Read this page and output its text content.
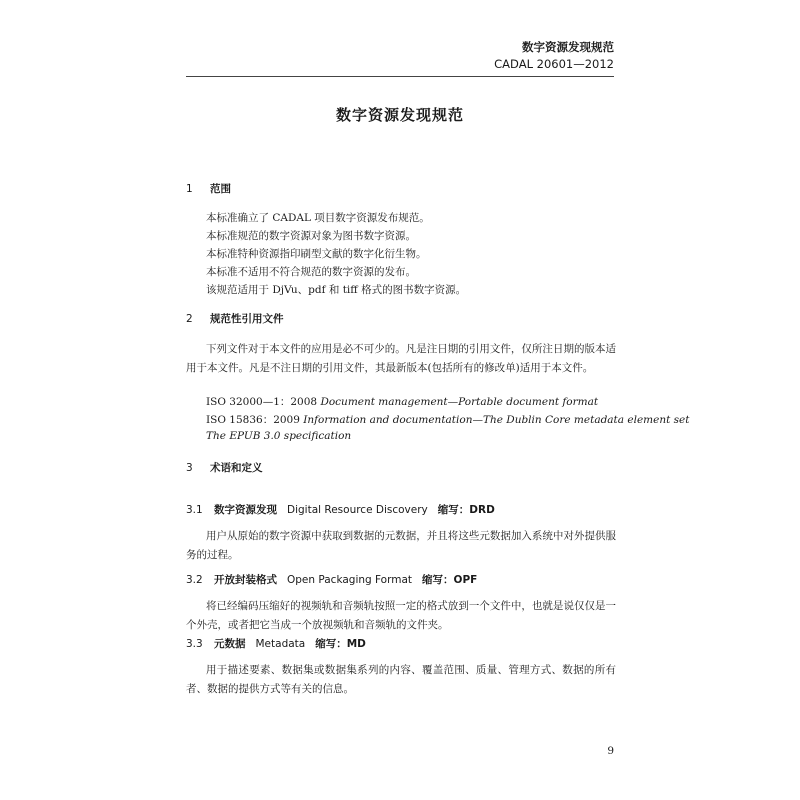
数字资源发现规范
CADAL 20601—2012
数字资源发现规范
1 范围
本标准确立了 CADAL 项目数字资源发布规范。
本标准规范的数字资源对象为图书数字资源。
本标准特种资源指印刷型文献的数字化衍生物。
本标准不适用不符合规范的数字资源的发布。
该规范适用于 DjVu、pdf 和 tiff 格式的图书数字资源。
2 规范性引用文件
下列文件对于本文件的应用是必不可少的。凡是注日期的引用文件，仅所注日期的版本适用于本文件。凡是不注日期的引用文件，其最新版本(包括所有的修改单)适用于本文件。
ISO 32000—1：2008 Document management—Portable document format
ISO 15836：2009 Information and documentation—The Dublin Core metadata element set
The EPUB 3.0 specification
3 术语和定义
3.1 数字资源发现 Digital Resource Discovery 缩写：DRD
用户从原始的数字资源中获取到数据的元数据，并且将这些元数据加入系统中对外提供服务的过程。
3.2 开放封装格式 Open Packaging Format 缩写：OPF
将已经编码压缩好的视频轨和音频轨按照一定的格式放到一个文件中，也就是说仅仅是一个外壳，或者把它当成一个放视频轨和音频轨的文件夹。
3.3 元数据 Metadata 缩写：MD
用于描述要素、数据集或数据集系列的内容、覆盖范围、质量、管理方式、数据的所有者、数据的提供方式等有关的信息。
9
